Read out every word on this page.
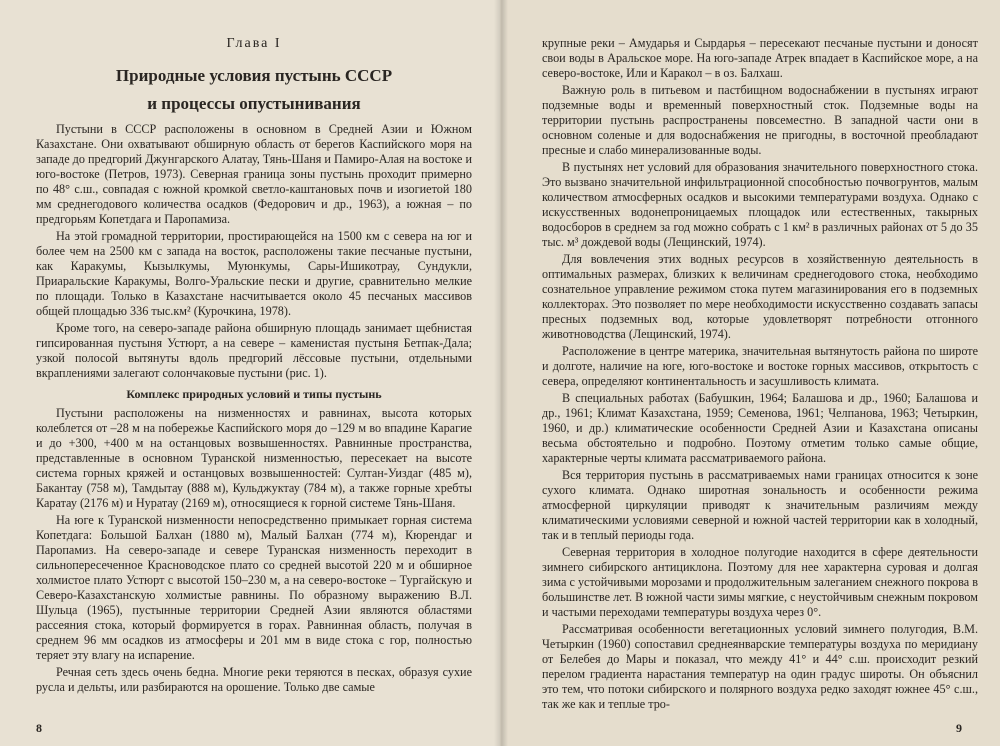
Глава I
Природные условия пустынь СССР
и процессы опустынивания

Пустыни в СССР расположены в основном в Средней Азии и Южном Казахстане. Они охватывают обширную область от берегов Каспийского моря на западе до предгорий Джунгарского Алатау, Тянь-Шаня и Памиро-Алая на востоке и юго-востоке (Петров, 1973). Северная граница зоны пустынь проходит примерно по 48° с.ш., совпадая с южной кромкой светло-каштановых почв и изогиетой 180 мм среднегодового количества осадков (Федорович и др., 1963), а южная – по предгорьям Копетдага и Паропамиза.

На этой громадной территории, простирающейся на 1500 км с севера на юг и более чем на 2500 км с запада на восток, расположены такие песчаные пустыни, как Каракумы, Кызылкумы, Муюнкумы, Сары-Ишикотрау, Сундукли, Приаральские Каракумы, Волго-Уральские пески и другие, сравнительно мелкие по площади. Только в Казахстане насчитывается около 45 песчаных массивов общей площадью 336 тыс.км² (Курочкина, 1978).

Кроме того, на северо-западе района обширную площадь занимает щебнистая гипсированная пустыня Устюрт, а на севере – каменистая пустыня Бетпак-Дала; узкой полосой вытянуты вдоль предгорий лёссовые пустыни, отдельными вкраплениями залегают солончаковые пустыни (рис. 1).

Комплекс природных условий и типы пустынь

Пустыни расположены на низменностях и равнинах, высота которых колеблется от –28 м на побережье Каспийского моря до –129 м во впадине Карагие и до +300, +400 м на останцовых возвышенностях. Равнинные пространства, представленные в основном Туранской низменностью, пересекает на высоте система горных кряжей и останцовых возвышенностей: Султан-Уиздаг (485 м), Бакантау (758 м), Тамдытау (888 м), Кульджуктау (784 м), а также горные хребты Каратау (2176 м) и Нуратау (2169 м), относящиеся к горной системе Тянь-Шаня.

На юге к Туранской низменности непосредственно примыкает горная система Копетдага: Большой Балхан (1880 м), Малый Балхан (774 м), Кюрендаг и Паропамиз. На северо-западе и севере Туранская низменность переходит в сильнопересеченное Красноводское плато со средней высотой 220 м и обширное холмистое плато Устюрт с высотой 150–230 м, а на северо-востоке – Тургайскую и Северо-Казахстанскую холмистые равнины. По образному выражению В.Л. Шульца (1965), пустынные территории Средней Азии являются областями рассеяния стока, который формируется в горах. Равнинная область, получая в среднем 96 мм осадков из атмосферы и 201 мм в виде стока с гор, полностью теряет эту влагу на испарение.

Речная сеть здесь очень бедна. Многие реки теряются в песках, образуя сухие русла и дельты, или разбираются на орошение. Только две самые

8

крупные реки – Амударья и Сырдарья – пересекают песчаные пустыни и доносят свои воды в Аральское море. На юго-западе Атрек впадает в Каспийское море, а на северо-востоке, Или и Каракол – в оз. Балхаш.

Важную роль в питьевом и пастбищном водоснабжении в пустынях играют подземные воды и временный поверхностный сток. Подземные воды на территории пустынь распространены повсеместно. В западной части они в основном соленые и для водоснабжения не пригодны, в восточной преобладают пресные и слабо минерализованные воды.

В пустынях нет условий для образования значительного поверхностного стока. Это вызвано значительной инфильтрационной способностью почвогрунтов, малым количеством атмосферных осадков и высокими температурами воздуха. Однако с искусственных водонепроницаемых площадок или естественных, такырных водосборов в среднем за год можно собрать с 1 км² в различных районах от 5 до 35 тыс. м³ дождевой воды (Лещинский, 1974).

Для вовлечения этих водных ресурсов в хозяйственную деятельность в оптимальных размерах, близких к величинам среднегодового стока, необходимо сознательное управление режимом стока путем магазинирования его в подземных коллекторах. Это позволяет по мере необходимости искусственно создавать запасы пресных подземных вод, которые удовлетворят потребности отгонного животноводства (Лещинский, 1974).

Расположение в центре материка, значительная вытянутость района по широте и долготе, наличие на юге, юго-востоке и востоке горных массивов, открытость с севера, определяют континентальность и засушливость климата.

В специальных работах (Бабушкин, 1964; Балашова и др., 1960; Балашова и др., 1961; Климат Казахстана, 1959; Семенова, 1961; Челпанова, 1963; Четыркин, 1960, и др.) климатические особенности Средней Азии и Казахстана описаны весьма обстоятельно и подробно. Поэтому отметим только самые общие, характерные черты климата рассматриваемого района.

Вся территория пустынь в рассматриваемых нами границах относится к зоне сухого климата. Однако широтная зональность и особенности режима атмосферной циркуляции приводят к значительным различиям между климатическими условиями северной и южной частей территории как в холодный, так и в теплый периоды года.

Северная территория в холодное полугодие находится в сфере деятельности зимнего сибирского антициклона. Поэтому для нее характерна суровая и долгая зима с устойчивыми морозами и продолжительным залеганием снежного покрова в большинстве лет. В южной части зимы мягкие, с неустойчивым снежным покровом и частыми переходами температуры воздуха через 0°.

Рассматривая особенности вегетационных условий зимнего полугодия, В.М. Четыркин (1960) сопоставил среднеянварские температуры воздуха по меридиану от Белебея до Мары и показал, что между 41° и 44° с.ш. происходит резкий перелом градиента нарастания температур на один градус широты. Он объяснил это тем, что потоки сибирского и полярного воздуха редко заходят южнее 45° с.ш., так же как и теплые тро-

9
